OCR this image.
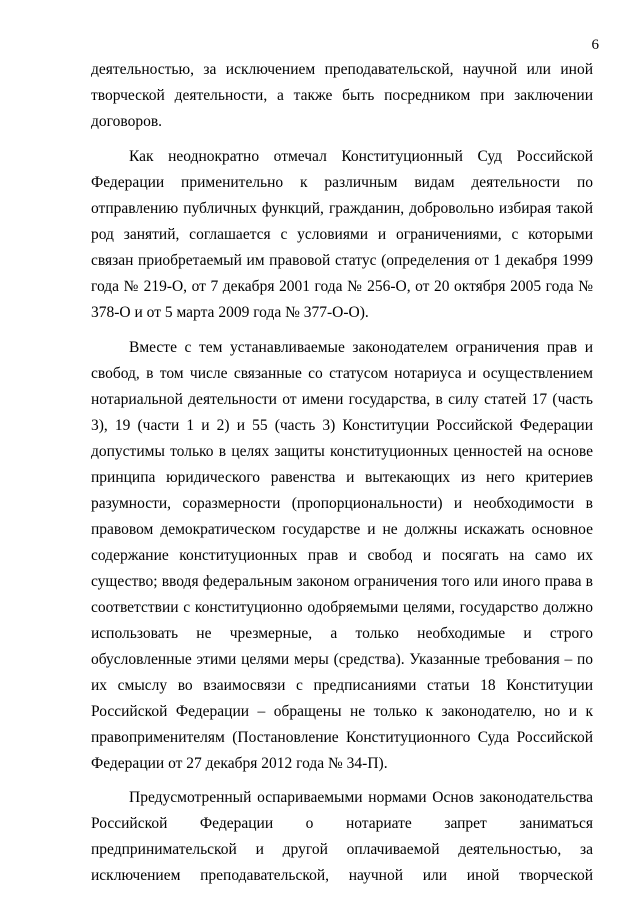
6

деятельностью, за исключением преподавательской, научной или иной
творческой деятельности, а также быть посредником при заключении
договоров.

Как неоднократно отмечал Конституционный Суд Российской
Федерации применительно к различным видам деятельности по
отправлению публичных функций, гражданин, добровольно избирая такой
род занятий, соглашается с условиями и ограничениями, с которыми
связан приобретаемый им правовой статус (определения от 1 декабря 1999
года № 219-О, от 7 декабря 2001 года № 256-О, от 20 октября 2005 года №
378-О и от 5 марта 2009 года № 377-О-О).

Вместе с тем устанавливаемые законодателем ограничения прав и
свобод, в том числе связанные со статусом нотариуса и осуществлением
нотариальной деятельности от имени государства, в силу статей 17 (часть
3), 19 (части 1 и 2) и 55 (часть 3) Конституции Российской Федерации
допустимы только в целях защиты конституционных ценностей на основе
принципа юридического равенства и вытекающих из него критериев
разумности, соразмерности (пропорциональности) и необходимости в
правовом демократическом государстве и не должны искажать основное
содержание конституционных прав и свобод и посягать на само их
существо; вводя федеральным законом ограничения того или иного права в
соответствии с конституционно одобряемыми целями, государство должно
использовать не чрезмерные, а только необходимые и строго
обусловленные этими целями меры (средства). Указанные требования – по
их смыслу во взаимосвязи с предписаниями статьи 18 Конституции
Российской Федерации – обращены не только к законодателю, но и к
правоприменителям (Постановление Конституционного Суда Российской
Федерации от 27 декабря 2012 года № 34-П).

Предусмотренный оспариваемыми нормами Основ законодательства
Российской Федерации о нотариате запрет заниматься
предпринимательской и другой оплачиваемой деятельностью, за
исключением преподавательской, научной или иной творческой
